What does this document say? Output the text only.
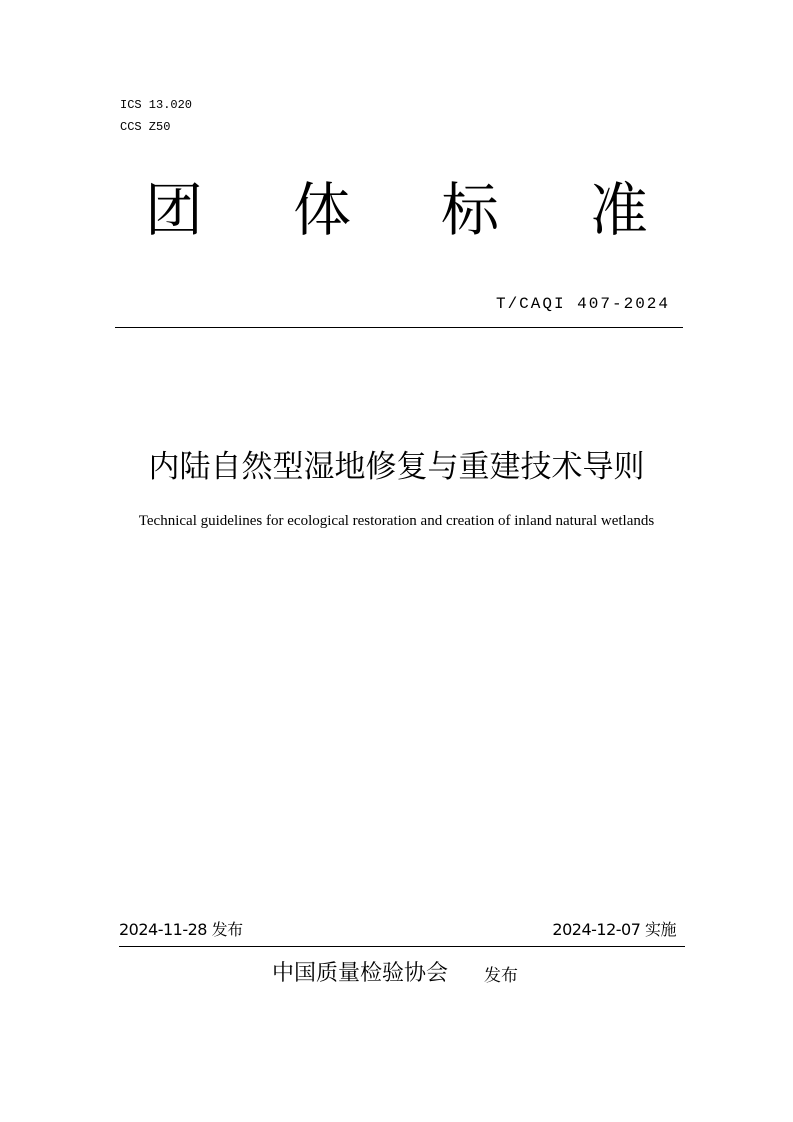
ICS 13.020
CCS Z50
团 体 标 准
T/CAQI 407-2024
内陆自然型湿地修复与重建技术导则
Technical guidelines for ecological restoration and creation of inland natural wetlands
2024-11-28 发布	2024-12-07 实施
中国质量检验协会 发布
